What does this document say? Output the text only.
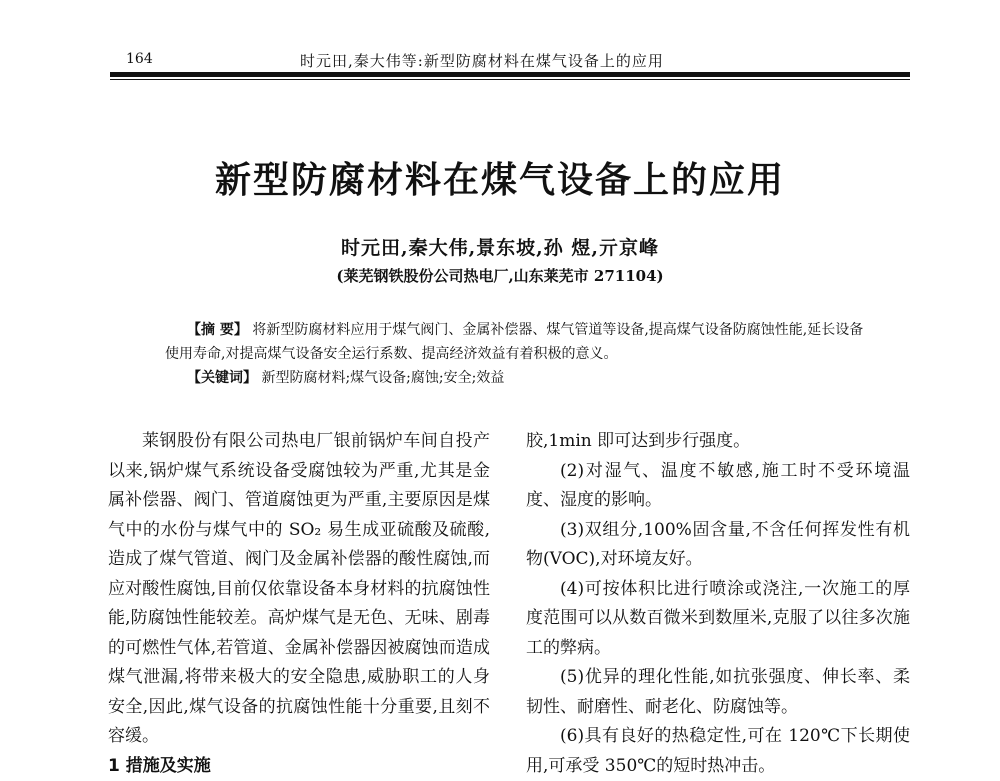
164	时元田,秦大伟等:新型防腐材料在煤气设备上的应用
新型防腐材料在煤气设备上的应用
时元田,秦大伟,景东坡,孙 煜,亓京峰
(莱芜钢铁股份公司热电厂,山东莱芜市 271104)

【摘 要】 将新型防腐材料应用于煤气阀门、金属补偿器、煤气管道等设备,提高煤气设备防腐蚀性能,延长设备使用寿命,对提高煤气设备安全运行系数、提高经济效益有着积极的意义。

【关键词】 新型防腐材料;煤气设备;腐蚀;安全;效益

莱钢股份有限公司热电厂银前锅炉车间自投产以来,锅炉煤气系统设备受腐蚀较为严重,尤其是金属补偿器、阀门、管道腐蚀更为严重,主要原因是煤气中的水份与煤气中的 SO₂ 易生成亚硫酸及硫酸,造成了煤气管道、阀门及金属补偿器的酸性腐蚀,而应对酸性腐蚀,目前仅依靠设备本身材料的抗腐蚀性能,防腐蚀性能较差。高炉煤气是无色、无味、剧毒的可燃性气体,若管道、金属补偿器因被腐蚀而造成煤气泄漏,将带来极大的安全隐患,威胁职工的人身安全,因此,煤气设备的抗腐蚀性能十分重要,且刻不容缓。

1 措施及实施

胶,1min 即可达到步行强度。

(2)对湿气、温度不敏感,施工时不受环境温度、湿度的影响。

(3)双组分,100%固含量,不含任何挥发性有机物(VOC),对环境友好。

(4)可按体积比进行喷涂或浇注,一次施工的厚度范围可以从数百微米到数厘米,克服了以往多次施工的弊病。

(5)优异的理化性能,如抗张强度、伸长率、柔韧性、耐磨性、耐老化、防腐蚀等。

(6)具有良好的热稳定性,可在 120℃下长期使用,可承受 350℃的短时热冲击。
